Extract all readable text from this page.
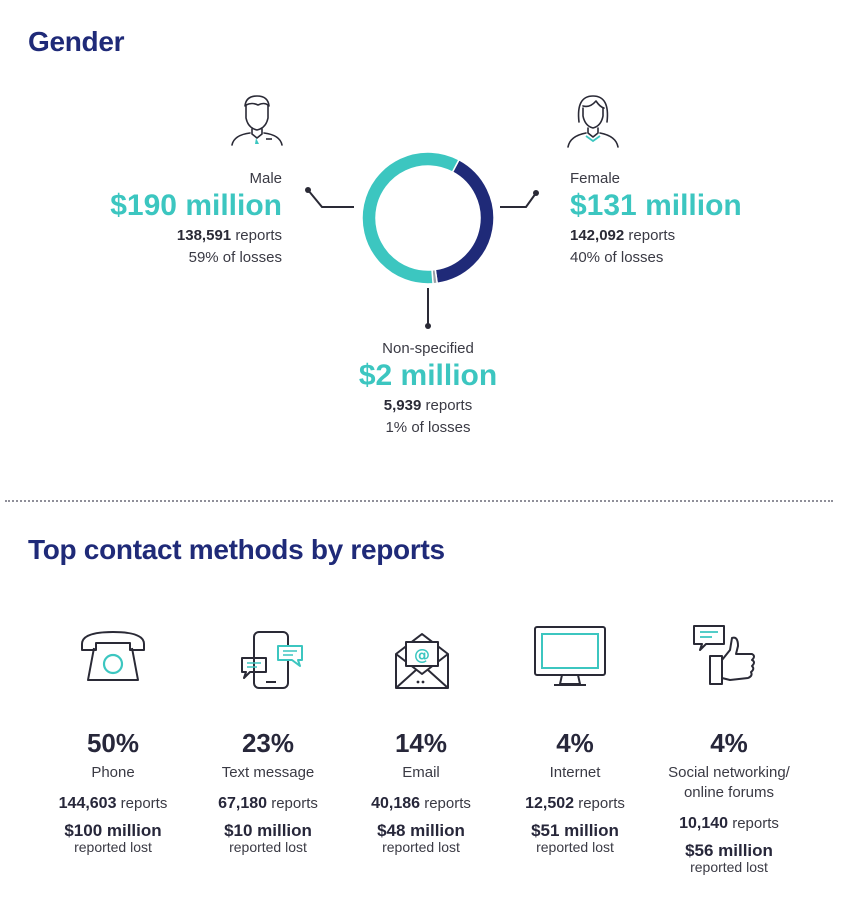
Gender
Male
$190 million
138,591 reports
59% of losses
Female
$131 million
142,092 reports
40% of losses
Non-specified
$2 million
5,939 reports
1% of losses
Top contact methods by reports
@
50%
Phone
144,603 reports
$100 million
reported lost
23%
Text message
67,180 reports
$10 million
reported lost
14%
Email
40,186 reports
$48 million
reported lost
4%
Internet
12,502 reports
$51 million
reported lost
4%
Social networking/
online forums
10,140 reports
$56 million
reported lost
